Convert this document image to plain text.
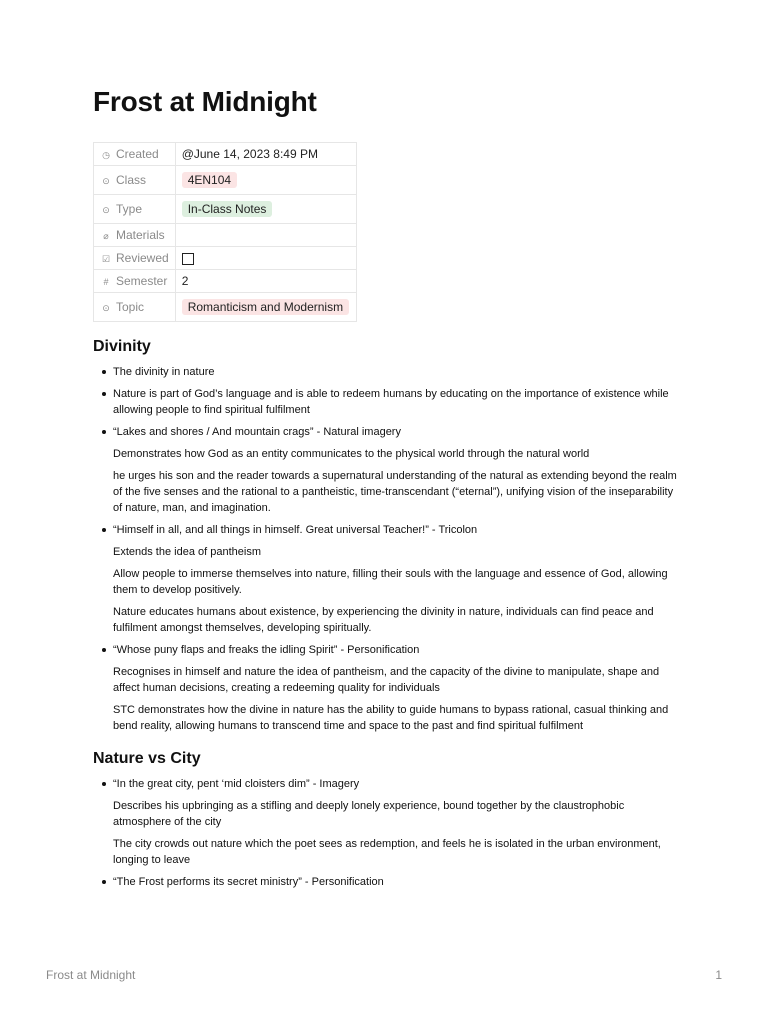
Frost at Midnight
◷ Created	@June 14, 2023 8:49 PM
⊙ Class	4EN104
⊙ Type	In-Class Notes
⌀ Materials	
☑ Reviewed	
# Semester	2
⊙ Topic	Romanticism and Modernism
Divinity

The divinity in nature

Nature is part of God’s language and is able to redeem humans by educating on the importance of existence while allowing people to find spiritual fulfilment

“Lakes and shores / And mountain crags” - Natural imagery

Demonstrates how God as an entity communicates to the physical world through the natural world

he urges his son and the reader towards a supernatural understanding of the natural as extending beyond the realm of the five senses and the rational to a pantheistic, time-transcendant (“eternal”), unifying vision of the inseparability of nature, man, and imagination.

“Himself in all, and all things in himself. Great universal Teacher!” - Tricolon

Extends the idea of pantheism

Allow people to immerse themselves into nature, filling their souls with the language and essence of God, allowing them to develop positively.

Nature educates humans about existence, by experiencing the divinity in nature, individuals can find peace and fulfilment amongst themselves, developing spiritually.

“Whose puny flaps and freaks the idling Spirit” - Personification

Recognises in himself and nature the idea of pantheism, and the capacity of the divine to manipulate, shape and affect human decisions, creating a redeeming quality for individuals

STC demonstrates how the divine in nature has the ability to guide humans to bypass rational, casual thinking and bend reality, allowing humans to transcend time and space to the past and find spiritual fulfilment

Nature vs City

“In the great city, pent ‘mid cloisters dim” - Imagery

Describes his upbringing as a stifling and deeply lonely experience, bound together by the claustrophobic atmosphere of the city

The city crowds out nature which the poet sees as redemption, and feels he is isolated in the urban environment, longing to leave

“The Frost performs its secret ministry” - Personification

Frost at Midnight	1
